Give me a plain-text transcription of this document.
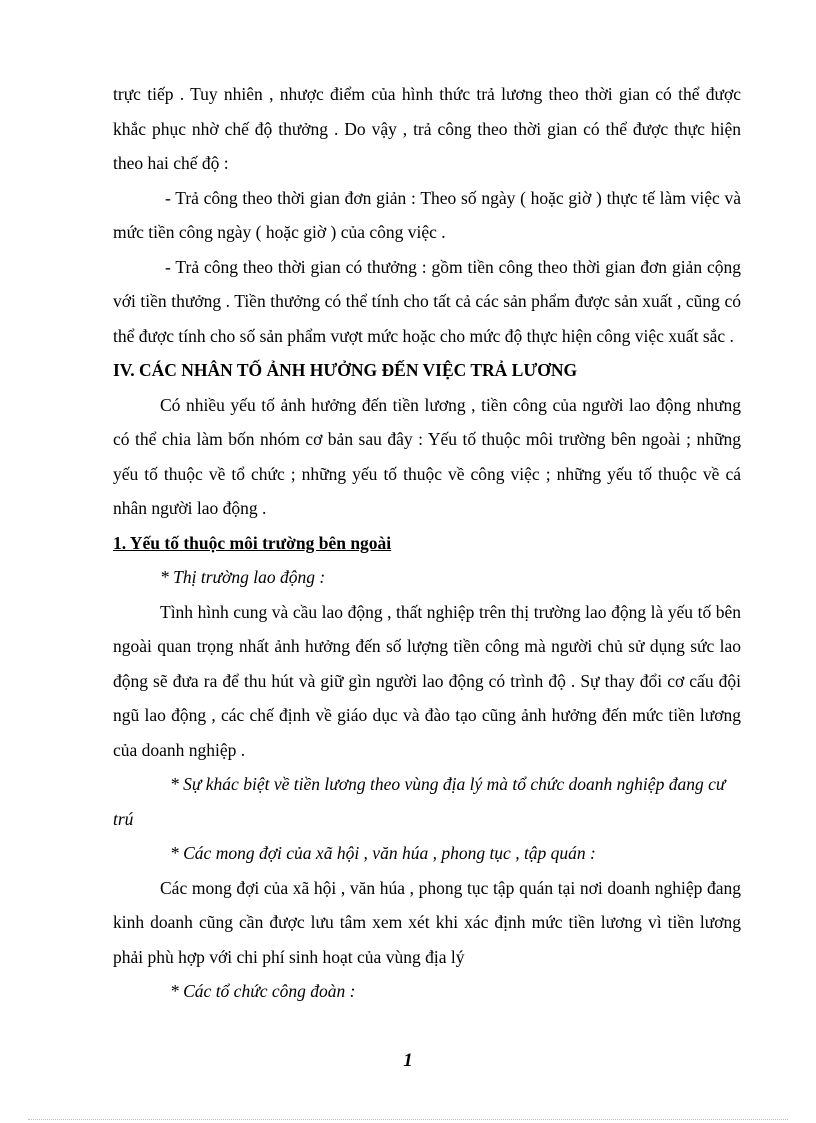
trực tiếp . Tuy nhiên , nhược điểm của hình thức trả lương theo thời gian có thể được khắc phục nhờ chế độ thưởng . Do vậy , trả công theo thời gian có thể được thực hiện theo hai chế độ :

- Trả công theo thời gian đơn giản : Theo số ngày ( hoặc giờ ) thực tế làm việc và mức tiền công ngày ( hoặc giờ ) của công việc .

- Trả công theo thời gian có thưởng : gồm tiền công theo thời gian đơn giản cộng với tiền thưởng . Tiền thưởng có thể tính cho tất cả các sản phẩm được sản xuất , cũng có thể được tính cho số sản phẩm vượt mức hoặc cho mức độ thực hiện công việc xuất sắc .

IV. CÁC NHÂN TỐ ẢNH HƯỞNG ĐẾN VIỆC TRẢ LƯƠNG

Có nhiều yếu tố ảnh hưởng đến tiền lương , tiền công của người lao động nhưng có thể chia làm bốn nhóm cơ bản sau đây : Yếu tố thuộc môi trường bên ngoài ; những yếu tố thuộc về tổ chức ; những yếu tố thuộc về công việc ; những yếu tố thuộc về cá nhân người lao động .

1. Yếu tố thuộc môi trường bên ngoài

* Thị trường lao động :

Tình hình cung và cầu lao động , thất nghiệp trên thị trường lao động là yếu tố bên ngoài quan trọng nhất ảnh hưởng đến số lượng tiền công mà người chủ sử dụng sức lao động sẽ đưa ra để thu hút và giữ gìn người lao động có trình độ . Sự thay đổi cơ cấu đội ngũ lao động , các chế định về giáo dục và đào tạo cũng ảnh hưởng đến mức tiền lương của doanh nghiệp .

* Sự khác biệt về tiền lương theo vùng địa lý mà tổ chức doanh nghiệp đang cư trú

* Các mong đợi của xã hội , văn húa , phong tục , tập quán :

Các mong đợi của xã hội , văn húa , phong tục tập quán tại nơi doanh nghiệp đang kinh doanh cũng cần được lưu tâm xem xét khi xác định mức tiền lương vì tiền lương phải phù hợp với chi phí sinh hoạt của vùng địa lý

* Các tổ chức công đoàn :

1
